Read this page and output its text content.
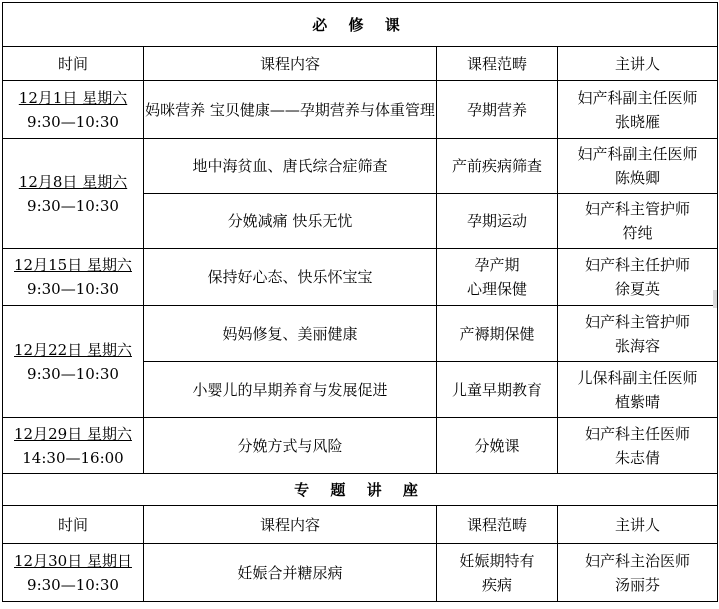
必 修 课			
时间	课程内容	课程范畴	主讲人

12月1日 星期六
9:30—10:30	妈咪营养 宝贝健康——孕期营养与体重管理	孕期营养	妇产科副主任医师
张晓雁

12月8日 星期六
9:30—10:30	地中海贫血、唐氏综合症筛查	产前疾病筛查	妇产科副主任医师
陈焕卿

	分娩减痛 快乐无忧	孕期运动	妇产科主管护师
符纯

12月15日 星期六
9:30—10:30	保持好心态、快乐怀宝宝	孕产期
心理保健	妇产科主任护师
徐夏英

12月22日 星期六
9:30—10:30	妈妈修复、美丽健康	产褥期保健	妇产科主管护师
张海容

	小婴儿的早期养育与发展促进	儿童早期教育	儿保科副主任医师
植紫晴

12月29日 星期六
14:30—16:00	分娩方式与风险	分娩课	妇产科主任医师
朱志倩

专 题 讲 座			
时间	课程内容	课程范畴	主讲人

12月30日 星期日
9:30—10:30	妊娠合并糖尿病	妊娠期特有
疾病	妇产科主治医师
汤丽芬
